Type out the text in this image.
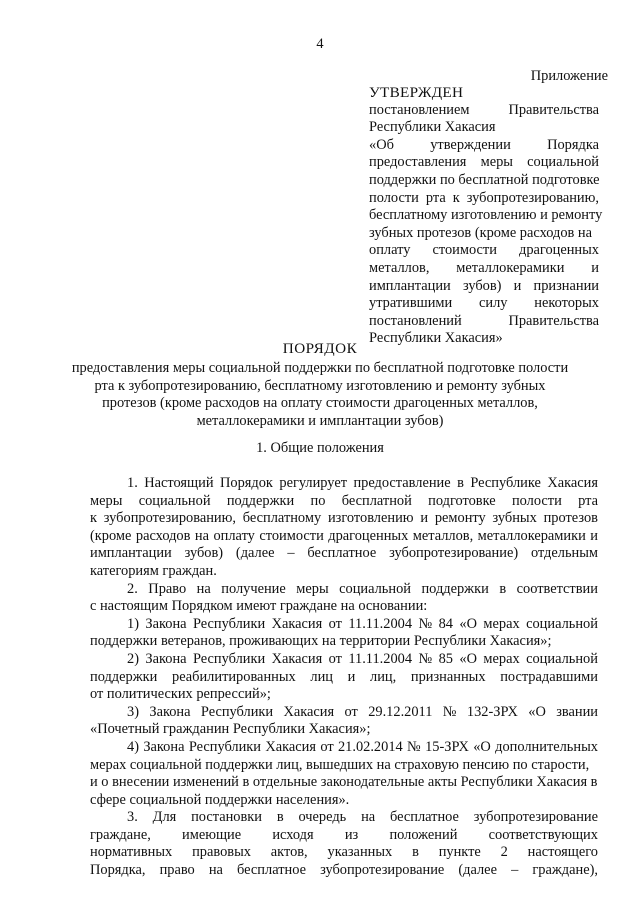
4
Приложение
УТВЕРЖДЕН
постановлением	Правительства
Республики Хакасия
«Об	утверждении	Порядка
предоставления меры социальной
поддержки по бесплатной подготовке
полости рта к зубопротезированию,
бесплатному изготовлению и ремонту
зубных протезов (кроме расходов на
оплату стоимости драгоценных
металлов, металлокерамики и
имплантации зубов) и признании
утратившими силу некоторых
постановлений	Правительства
Республики Хакасия»
ПОРЯДОК
предоставления меры социальной поддержки по бесплатной подготовке полости
рта к зубопротезированию, бесплатному изготовлению и ремонту зубных
протезов (кроме расходов на оплату стоимости драгоценных металлов,
металлокерамики и имплантации зубов)
1. Общие положения
1. Настоящий Порядок регулирует предоставление в Республике Хакасия
меры социальной поддержки по бесплатной подготовке полости рта
к зубопротезированию, бесплатному изготовлению и ремонту зубных протезов
(кроме расходов на оплату стоимости драгоценных металлов, металлокерамики и
имплантации зубов) (далее – бесплатное зубопротезирование) отдельным
категориям граждан.
2. Право на получение меры социальной поддержки в соответствии
с настоящим Порядком имеют граждане на основании:
1) Закона Республики Хакасия от 11.11.2004 № 84 «О мерах социальной
поддержки ветеранов, проживающих на территории Республики Хакасия»;
2) Закона Республики Хакасия от 11.11.2004 № 85 «О мерах социальной
поддержки реабилитированных лиц и лиц, признанных пострадавшими
от политических репрессий»;
3) Закона Республики Хакасия от 29.12.2011 № 132-ЗРХ «О звании
«Почетный гражданин Республики Хакасия»;
4) Закона Республики Хакасия от 21.02.2014 № 15-ЗРХ «О дополнительных
мерах социальной поддержки лиц, вышедших на страховую пенсию по старости,
и о внесении изменений в отдельные законодательные акты Республики Хакасия в
сфере социальной поддержки населения».
3. Для постановки в очередь на бесплатное зубопротезирование
граждане, имеющие исходя из положений соответствующих
нормативных правовых актов, указанных в пункте 2 настоящего
Порядка, право на бесплатное зубопротезирование (далее – граждане),
